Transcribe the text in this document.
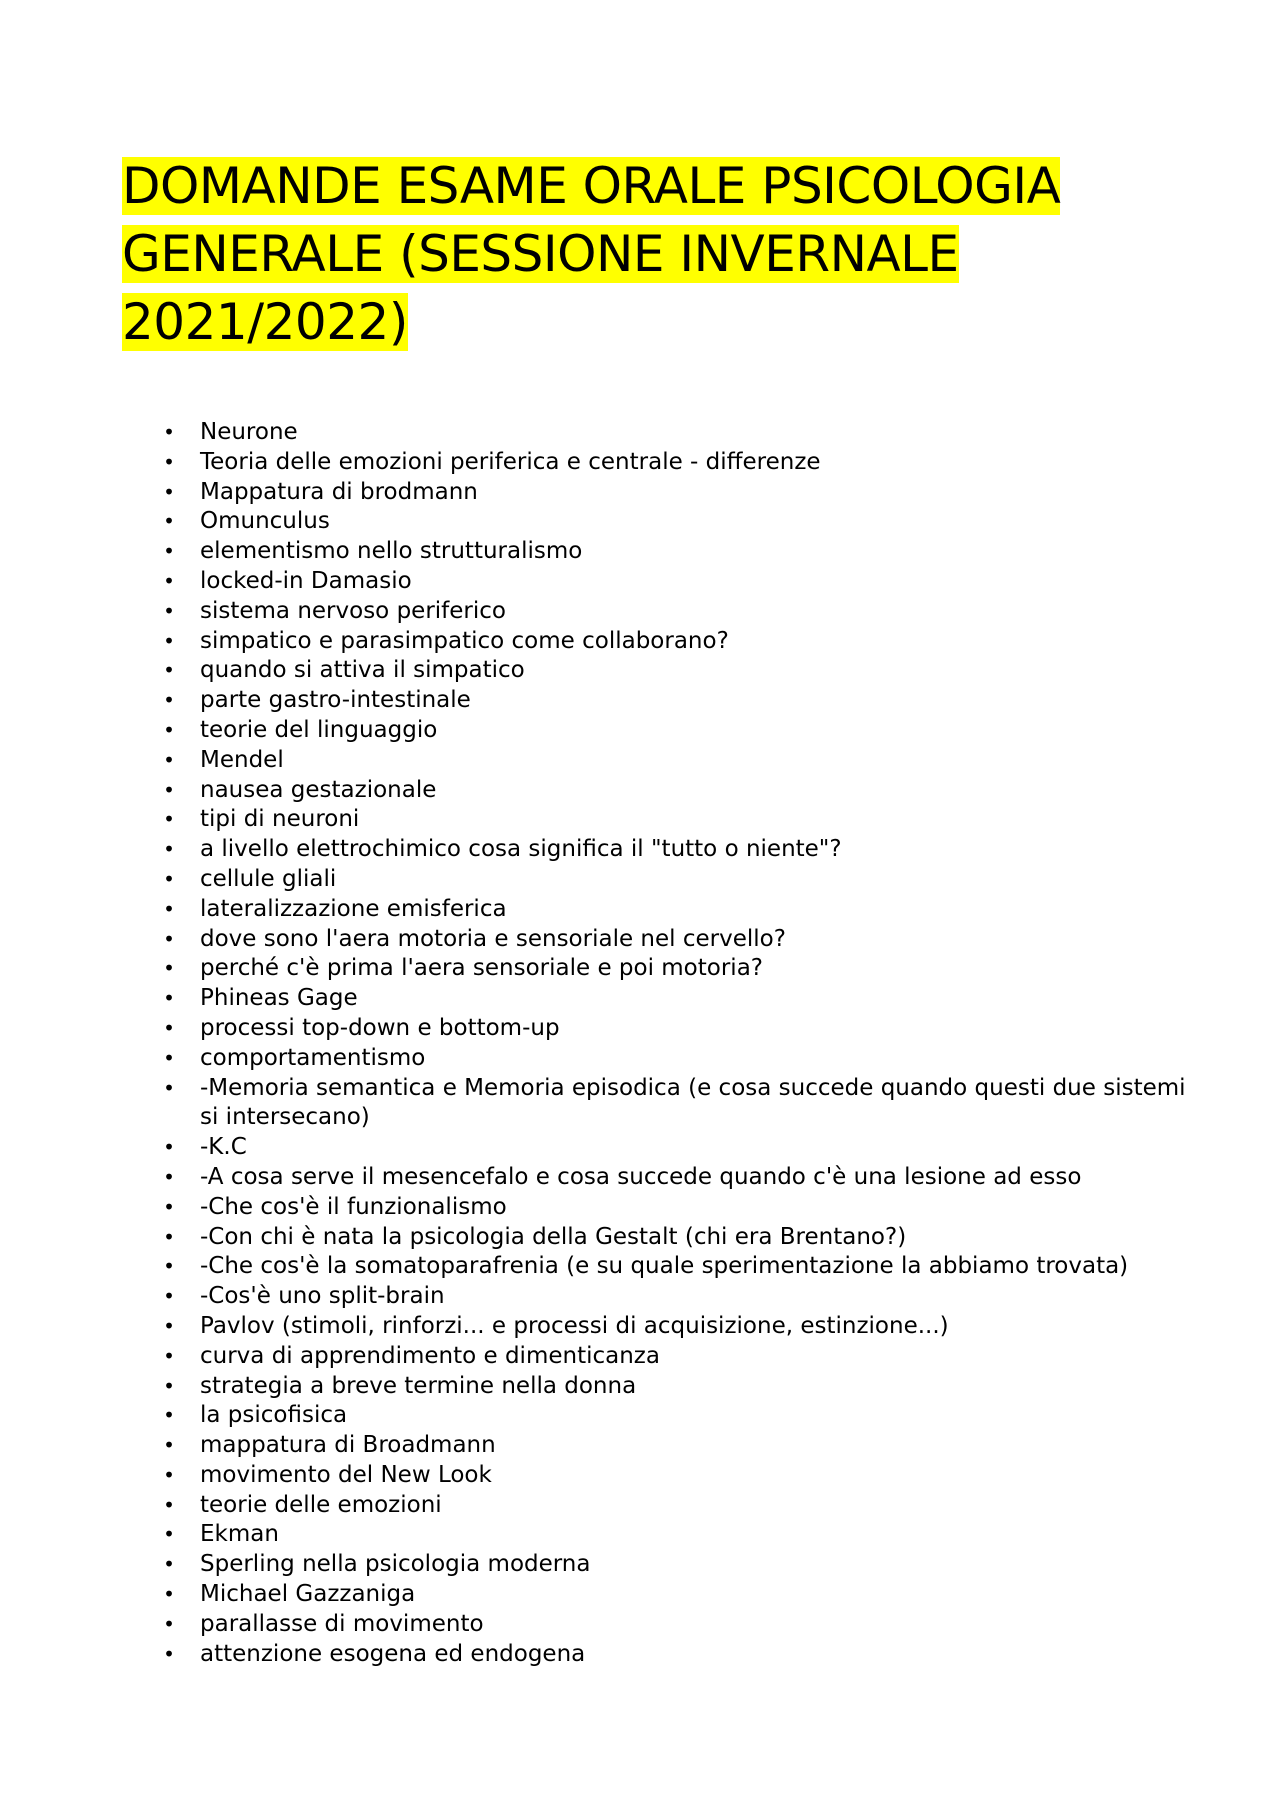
DOMANDE ESAME ORALE PSICOLOGIA GENERALE (SESSIONE INVERNALE 2021/2022)
• Neurone
• Teoria delle emozioni periferica e centrale - differenze
• Mappatura di brodmann
• Omunculus
• elementismo nello strutturalismo
• locked-in Damasio
• sistema nervoso periferico
• simpatico e parasimpatico come collaborano?
• quando si attiva il simpatico
• parte gastro-intestinale
• teorie del linguaggio
• Mendel
• nausea gestazionale
• tipi di neuroni
• a livello elettrochimico cosa significa il "tutto o niente"?
• cellule gliali
• lateralizzazione emisferica
• dove sono l'aera motoria e sensoriale nel cervello?
• perché c'è prima l'aera sensoriale e poi motoria?
• Phineas Gage
• processi top-down e bottom-up
• comportamentismo
• -Memoria semantica e Memoria episodica (e cosa succede quando questi due sistemi si intersecano)
• -K.C
• -A cosa serve il mesencefalo e cosa succede quando c'è una lesione ad esso
• -Che cos'è il funzionalismo
• -Con chi è nata la psicologia della Gestalt (chi era Brentano?)
• -Che cos'è la somatoparafrenia (e su quale sperimentazione la abbiamo trovata)
• -Cos'è uno split-brain
• Pavlov (stimoli, rinforzi... e processi di acquisizione, estinzione...)
• curva di apprendimento e dimenticanza
• strategia a breve termine nella donna
• la psicofisica
• mappatura di Broadmann
• movimento del New Look
• teorie delle emozioni
• Ekman
• Sperling nella psicologia moderna
• Michael Gazzaniga
• parallasse di movimento
• attenzione esogena ed endogena
